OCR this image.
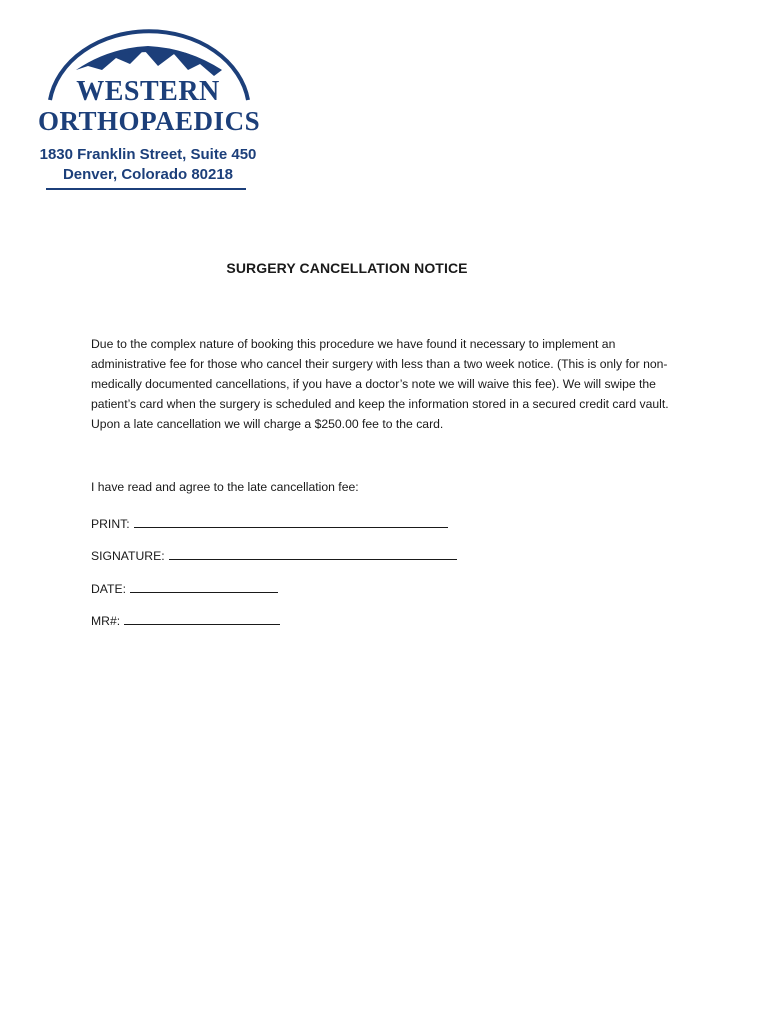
WESTERN
ORTHOPAEDICS
1830 Franklin Street, Suite 450
Denver, Colorado 80218
SURGERY CANCELLATION NOTICE
Due to the complex nature of booking this procedure we have found it necessary to implement an administrative fee for those who cancel their surgery with less than a two week notice. (This is only for non-medically documented cancellations, if you have a doctor’s note we will waive this fee). We will swipe the patient’s card when the surgery is scheduled and keep the information stored in a secured credit card vault. Upon a late cancellation we will charge a $250.00 fee to the card.
I have read and agree to the late cancellation fee:
PRINT:
SIGNATURE:
DATE:
MR#:
